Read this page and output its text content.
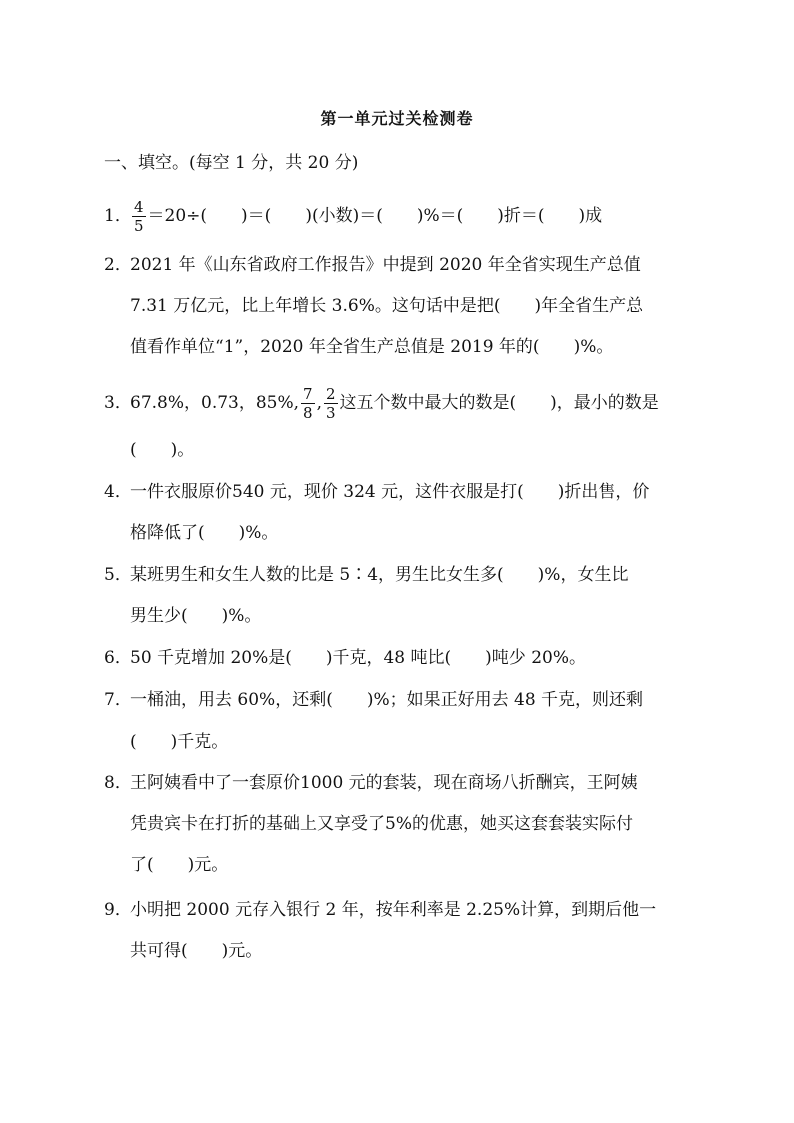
第一单元过关检测卷
一、填空。(每空 1 分，共 20 分)
1． $\frac{4}{5} =20\div$(　　)＝(　　)(小数)＝(　　)%＝(　　)折＝(　　)成
2．2021 年《山东省政府工作报告》中提到 2020 年全省实现生产总值
7.31 万亿元，比上年增长 3.6%。这句话中是把(　　)年全省生产总
值看作单位“1”，2020 年全省生产总值是 2019 年的(　　)%。
3．67.8%，0.73，85%, $\frac{7}{8}$ , $\frac{2}{3}$ 这五个数中最大的数是(　　)，最小的数是
(　　)。
4．一件衣服原价540 元，现价 324 元，这件衣服是打(　　)折出售，价
格降低了(　　)%。
5．某班男生和女生人数的比是 5∶4，男生比女生多(　　)%，女生比
男生少(　　)%。
6．50 千克增加 20%是(　　)千克，48 吨比(　　)吨少 20%。
7．一桶油，用去 60%，还剩(　　)%；如果正好用去 48 千克，则还剩
(　　)千克。
8．王阿姨看中了一套原价1000 元的套装，现在商场八折酬宾，王阿姨
凭贵宾卡在打折的基础上又享受了5%的优惠，她买这套套装实际付
了(　　)元。
9．小明把 2000 元存入银行 2 年，按年利率是 2.25%计算，到期后他一
共可得(　　)元。
